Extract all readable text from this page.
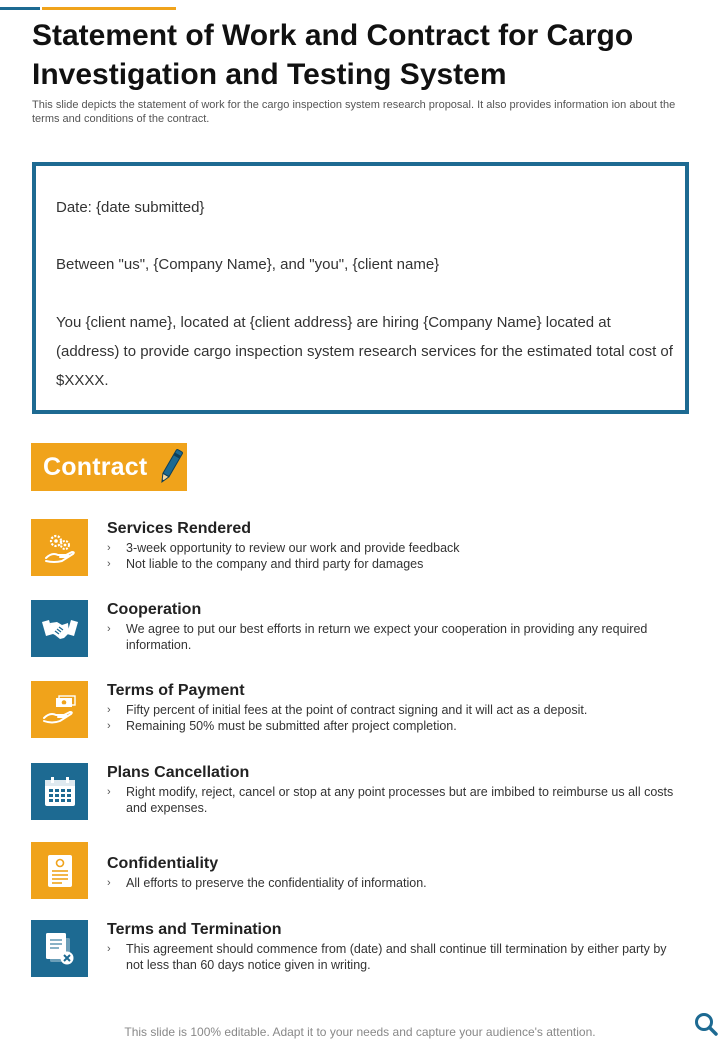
Statement of Work and Contract for Cargo Investigation and Testing System
This slide depicts the statement of work for the cargo inspection system research proposal. It also provides information ion about the terms and conditions of the contract.

Date: {date submitted}

Between "us", {Company Name}, and "you", {client name}

You {client name}, located at {client address} are hiring {Company Name} located at (address) to provide cargo inspection system research services for the estimated total cost of $XXXX.

Contract
Services Rendered
› 3-week opportunity to review our work and provide feedback
› Not liable to the company and third party for damages
Cooperation
› We agree to put our best efforts in return we expect your cooperation in providing any required information.
Terms of Payment
› Fifty percent of initial fees at the point of contract signing and it will act as a deposit.
› Remaining 50% must be submitted after project completion.
Plans Cancellation
› Right modify, reject, cancel or stop at any point processes but are imbibed to reimburse us all costs and expenses.
Confidentiality
› All efforts to preserve the confidentiality of information.
Terms and Termination
› This agreement should commence from (date) and shall continue till termination by either party by not less than 60 days notice given in writing.
This slide is 100% editable. Adapt it to your needs and capture your audience's attention.
